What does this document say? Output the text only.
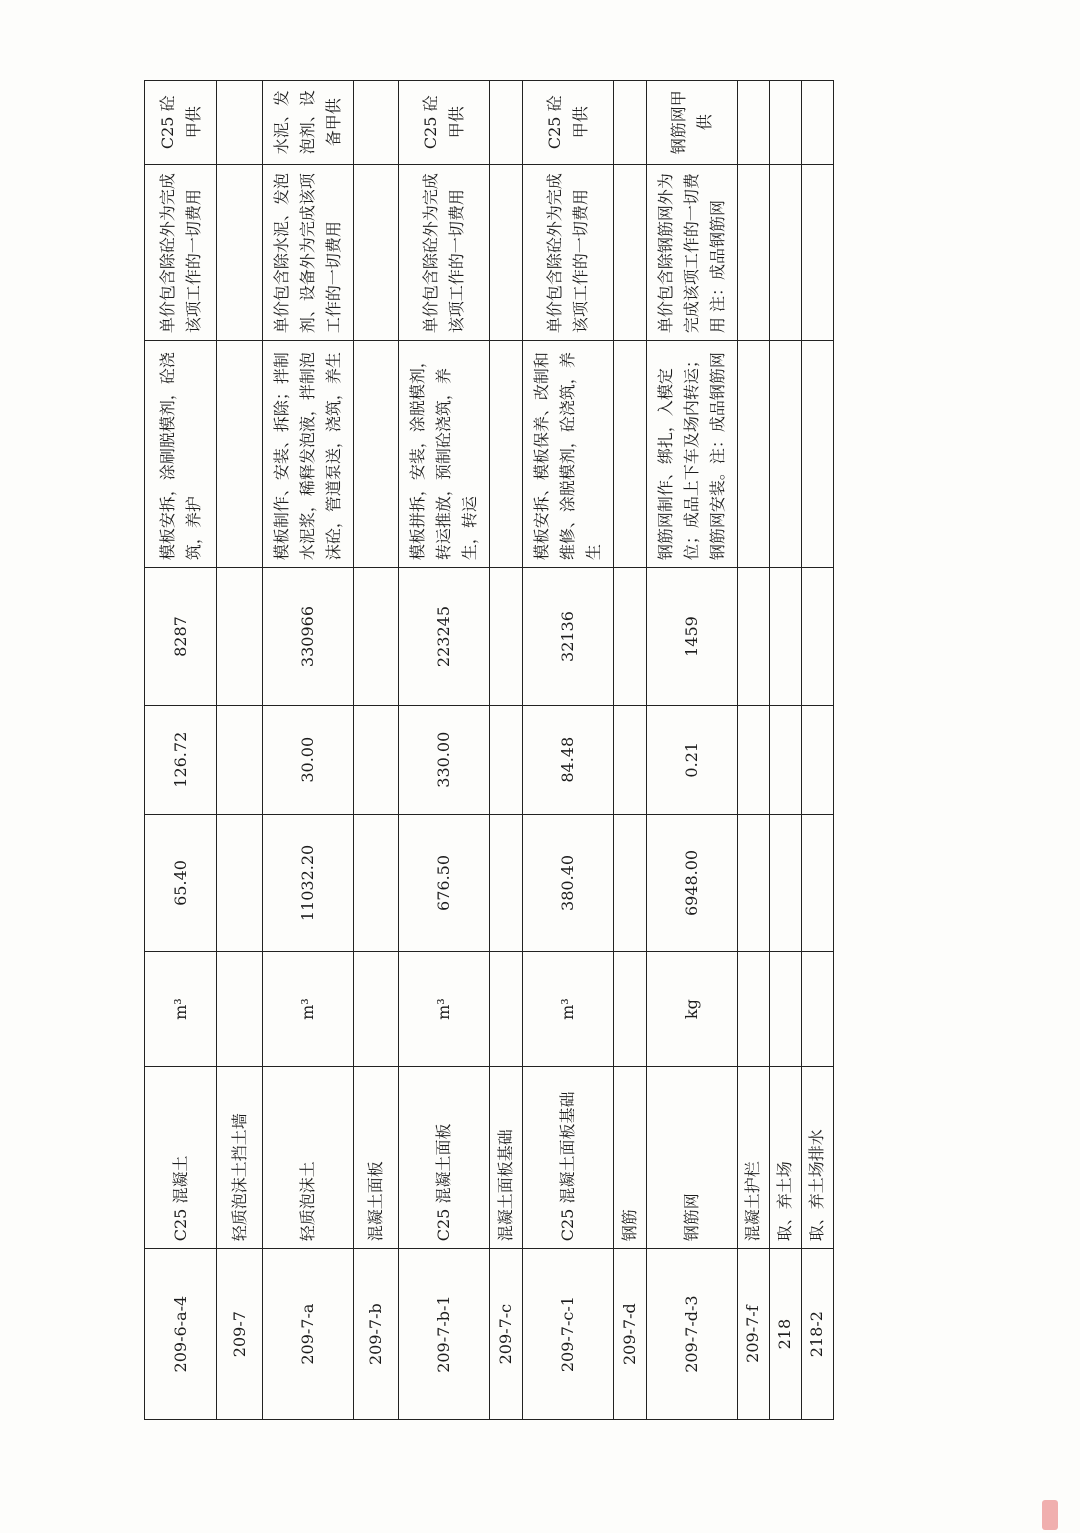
209-6-a-4	C25 混凝土	m³	65.40	126.72	8287	模板安拆，涂刷脱模剂，砼浇筑，养护	单价包含除砼外为完成该项工作的一切费用	C25 砼甲供
209-7	轻质泡沫土挡土墙							
209-7-a	轻质泡沫土	m³	11032.20	30.00	330966	模板制作、安装、拆除；拌制水泥浆，稀释发泡液，拌制泡沫砼，管道泵送，浇筑，养生	单价包含除水泥、发泡剂、设备外为完成该项工作的一切费用	水泥、发泡剂、设备甲供
209-7-b	混凝土面板							
209-7-b-1	C25 混凝土面板	m³	676.50	330.00	223245	模板拼拆，安装，涂脱模剂，转运推放，预制砼浇筑，养生，转运	单价包含除砼外为完成该项工作的一切费用	C25 砼甲供
209-7-c	混凝土面板基础							
209-7-c-1	C25 混凝土面板基础	m³	380.40	84.48	32136	模板安拆、模板保养、改制和维修、涂脱模剂，砼浇筑，养生	单价包含除砼外为完成该项工作的一切费用	C25 砼甲供
209-7-d	钢筋							
209-7-d-3	钢筋网	kg	6948.00	0.21	1459	钢筋网制作、绑扎，入模定位；成品上下车及场内转运；钢筋网安装。注：成品钢筋网	单价包含除钢筋网外为完成该项工作的一切费用 注：成品钢筋网	钢筋网甲供
209-7-f	混凝土护栏							
218	取、弃土场							
218-2	取、弃土场排水							
